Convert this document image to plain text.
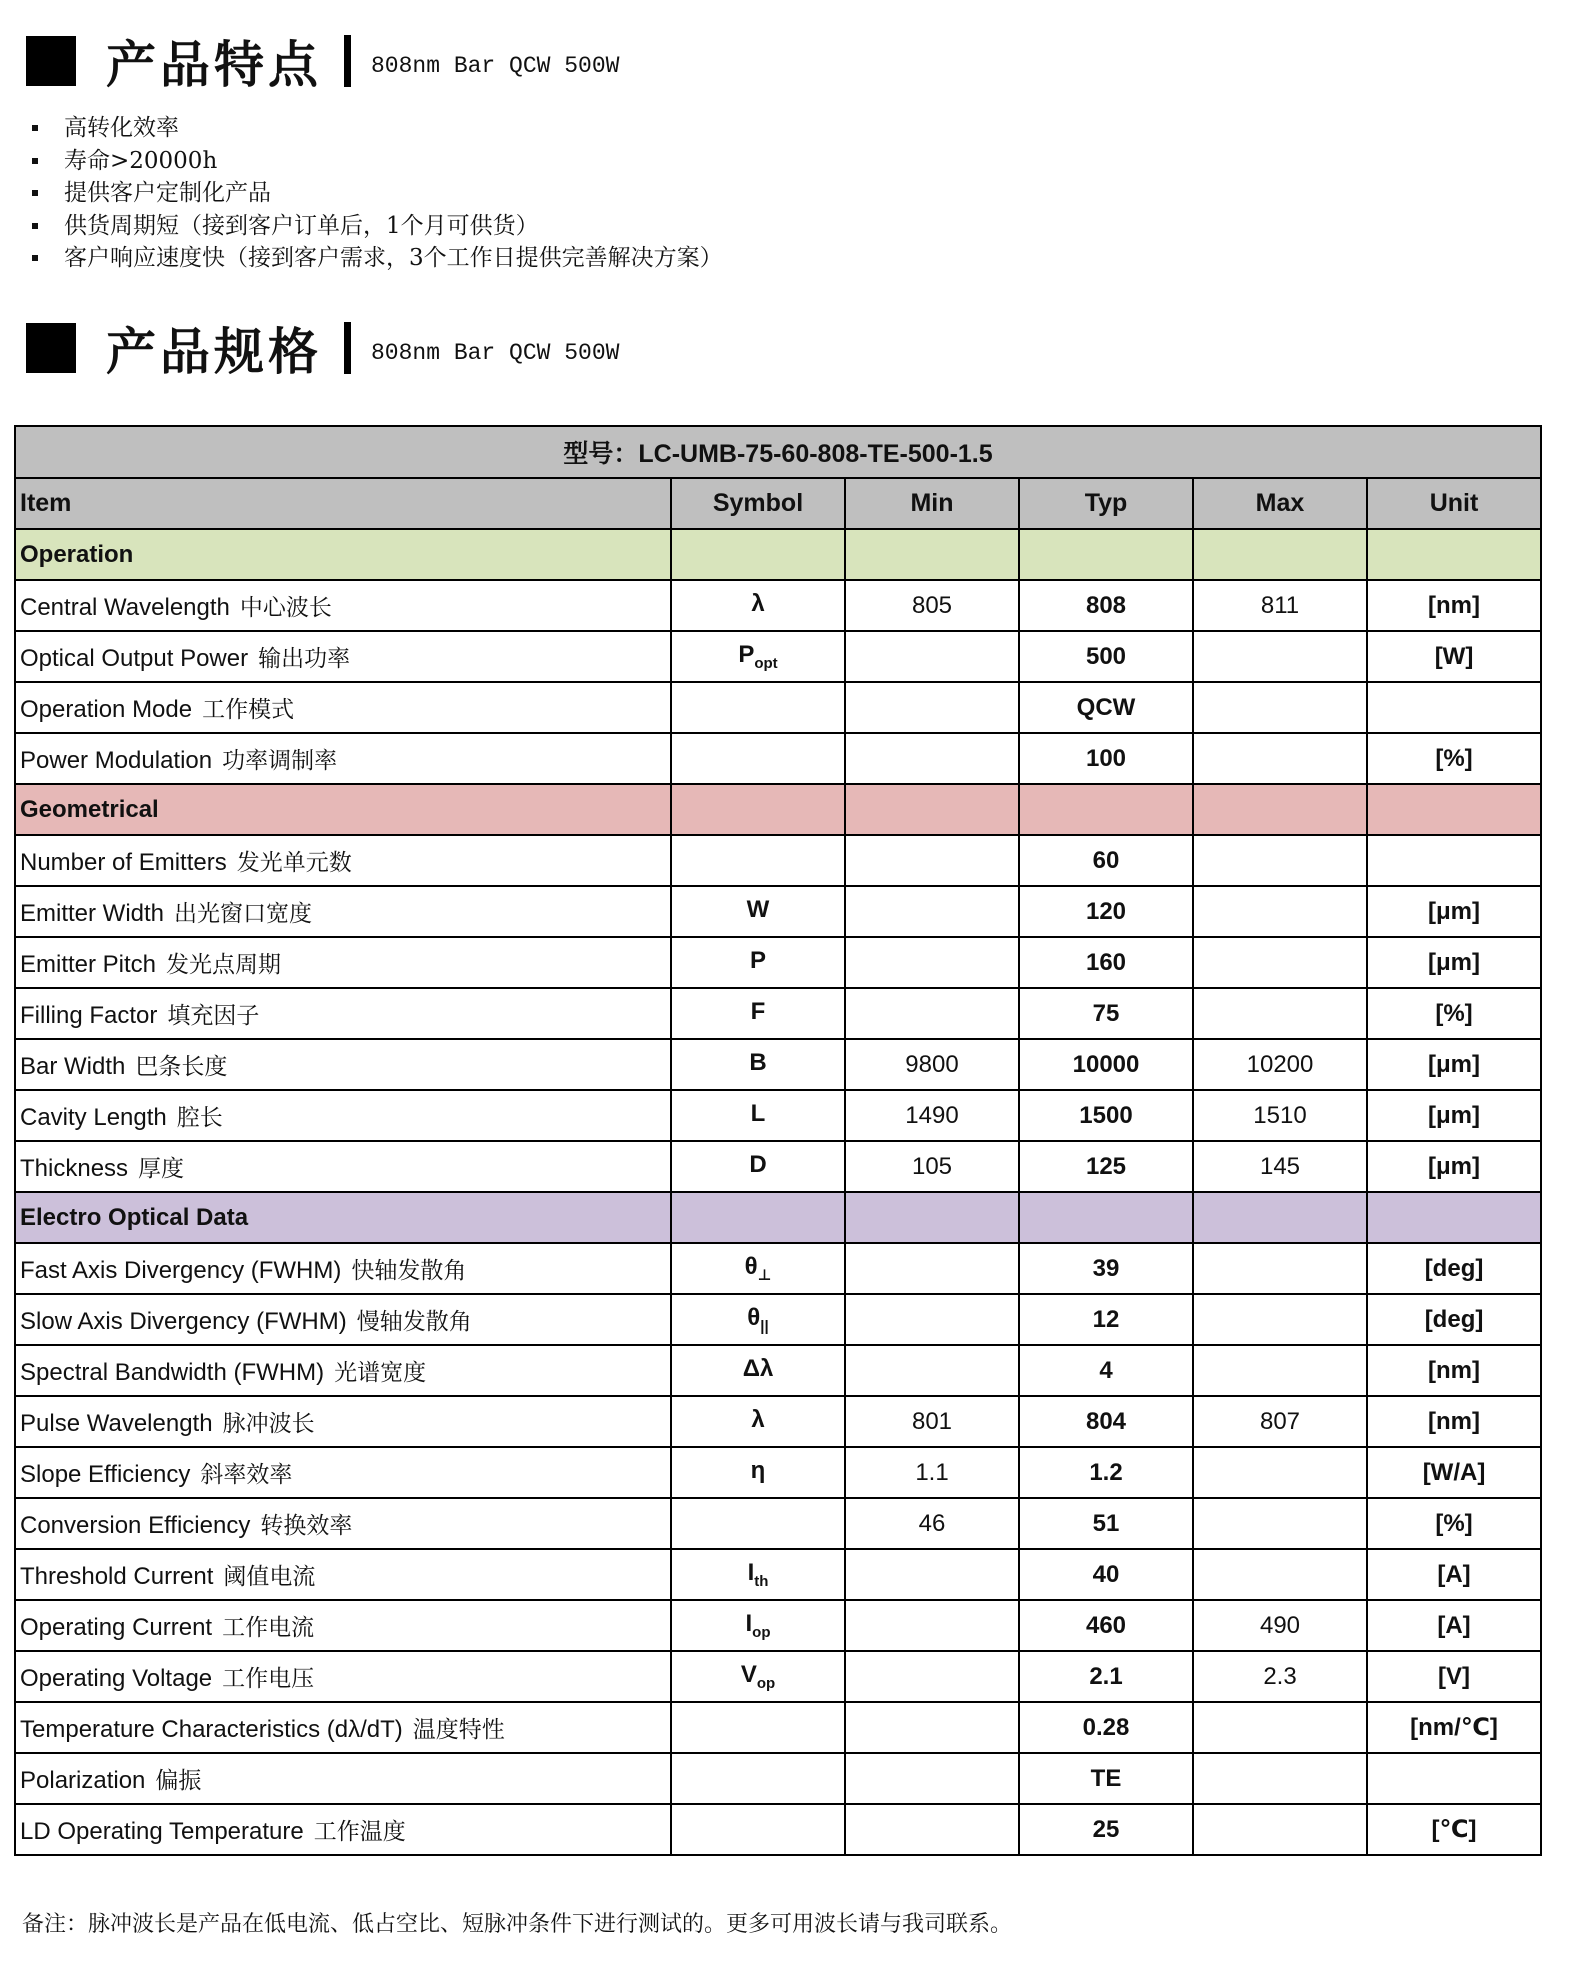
产品特点 808nm Bar QCW 500W
高转化效率
寿命>20000h
提供客户定制化产品
供货周期短（接到客户订单后，1个月可供货）
客户响应速度快（接到客户需求，3个工作日提供完善解决方案）
产品规格 808nm Bar QCW 500W
型号：LC-UMB-75-60-808-TE-500-1.5					
Item	Symbol	Min	Typ	Max	Unit
Operation					
Central Wavelength 中心波长	λ	805	808	811	[nm]
Optical Output Power 输出功率	$P_{opt}$		500		[W]
Operation Mode 工作模式			QCW		
Power Modulation 功率调制率			100		[%]
Geometrical					
Number of Emitters 发光单元数			60		
Emitter Width 出光窗口宽度	W		120		[μm]
Emitter Pitch 发光点周期	P		160		[μm]
Filling Factor 填充因子	F		75		[%]
Bar Width 巴条长度	B	9800	10000	10200	[μm]
Cavity Length 腔长	L	1490	1500	1510	[μm]
Thickness 厚度	D	105	125	145	[μm]
Electro Optical Data					
Fast Axis Divergency (FWHM) 快轴发散角	$\theta_\perp$		39		[deg]
Slow Axis Divergency (FWHM) 慢轴发散角	$\theta_{||}$		12		[deg]
Spectral Bandwidth (FWHM) 光谱宽度	Δλ		4		[nm]
Pulse Wavelength 脉冲波长	λ	801	804	807	[nm]
Slope Efficiency 斜率效率	η	1.1	1.2		[W/A]
Conversion Efficiency 转换效率		46	51		[%]
Threshold Current 阈值电流	$I_{th}$		40		[A]
Operating Current 工作电流	$I_{op}$		460	490	[A]
Operating Voltage 工作电压	$V_{op}$		2.1	2.3	[V]
Temperature Characteristics (dλ/dT) 温度特性			0.28		[nm/℃]
Polarization 偏振			TE		
LD Operating Temperature 工作温度			25		[℃]
备注：脉冲波长是产品在低电流、低占空比、短脉冲条件下进行测试的。更多可用波长请与我司联系。
